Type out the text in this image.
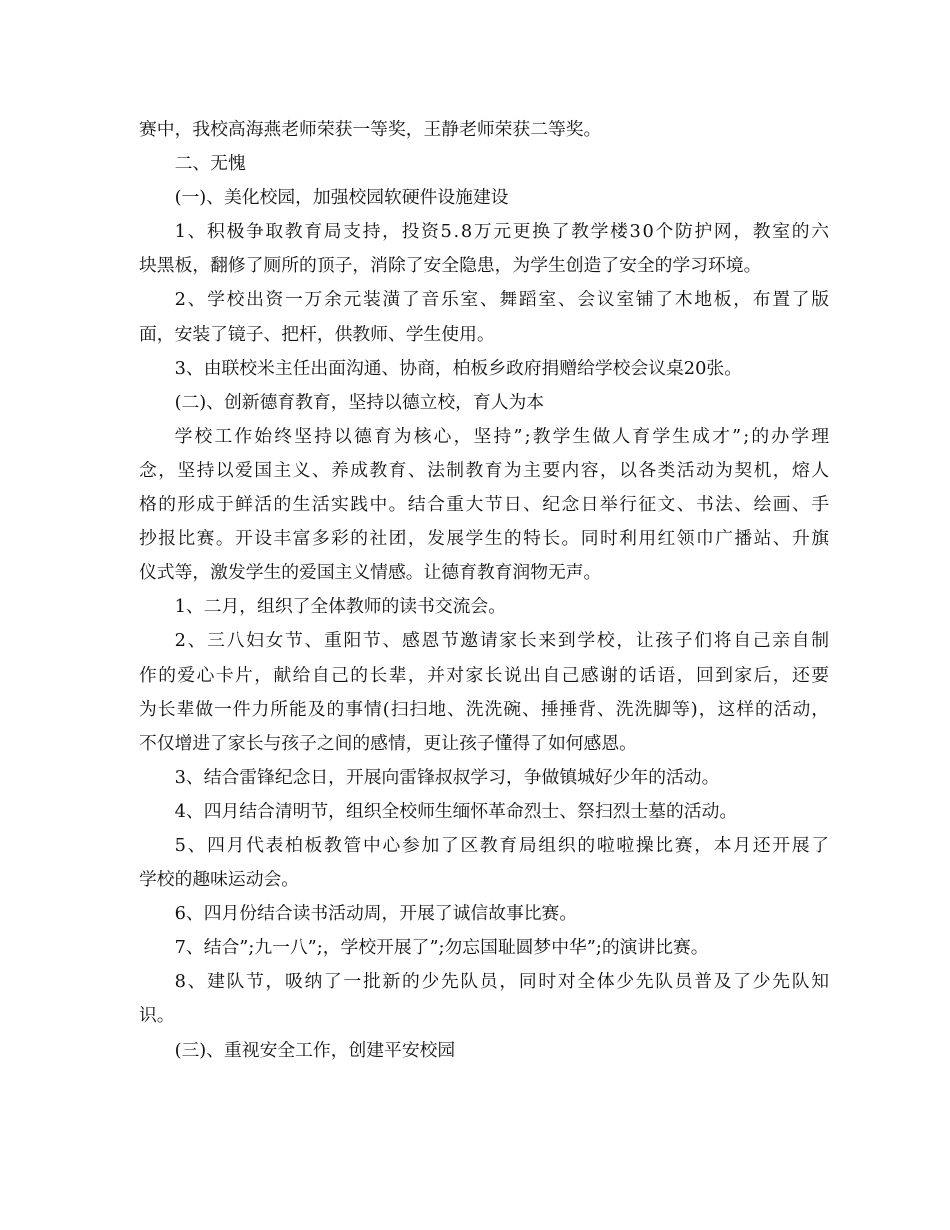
赛中，我校高海燕老师荣获一等奖，王静老师荣获二等奖。
二、无愧
(一)、美化校园，加强校园软硬件设施建设
1、积极争取教育局支持，投资5.8万元更换了教学楼30个防护网，教室的六
块黑板，翻修了厕所的顶子，消除了安全隐患，为学生创造了安全的学习环境。
2、学校出资一万余元装潢了音乐室、舞蹈室、会议室铺了木地板，布置了版
面，安装了镜子、把杆，供教师、学生使用。
3、由联校米主任出面沟通、协商，柏板乡政府捐赠给学校会议桌20张。
(二)、创新德育教育，坚持以德立校，育人为本
学校工作始终坚持以德育为核心，坚持”;教学生做人育学生成才”;的办学理
念，坚持以爱国主义、养成教育、法制教育为主要内容，以各类活动为契机，熔人
格的形成于鲜活的生活实践中。结合重大节日、纪念日举行征文、书法、绘画、手
抄报比赛。开设丰富多彩的社团，发展学生的特长。同时利用红领巾广播站、升旗
仪式等，激发学生的爱国主义情感。让德育教育润物无声。
1、二月，组织了全体教师的读书交流会。
2、三八妇女节、重阳节、感恩节邀请家长来到学校，让孩子们将自己亲自制
作的爱心卡片，献给自己的长辈，并对家长说出自己感谢的话语，回到家后，还要
为长辈做一件力所能及的事情(扫扫地、洗洗碗、捶捶背、洗洗脚等)，这样的活动，
不仅增进了家长与孩子之间的感情，更让孩子懂得了如何感恩。
3、结合雷锋纪念日，开展向雷锋叔叔学习，争做镇城好少年的活动。
4、四月结合清明节，组织全校师生缅怀革命烈士、祭扫烈士墓的活动。
5、四月代表柏板教管中心参加了区教育局组织的啦啦操比赛，本月还开展了
学校的趣味运动会。
6、四月份结合读书活动周，开展了诚信故事比赛。
7、结合”;九一八”;，学校开展了”;勿忘国耻圆梦中华”;的演讲比赛。
8、建队节，吸纳了一批新的少先队员，同时对全体少先队员普及了少先队知
识。
(三)、重视安全工作，创建平安校园
